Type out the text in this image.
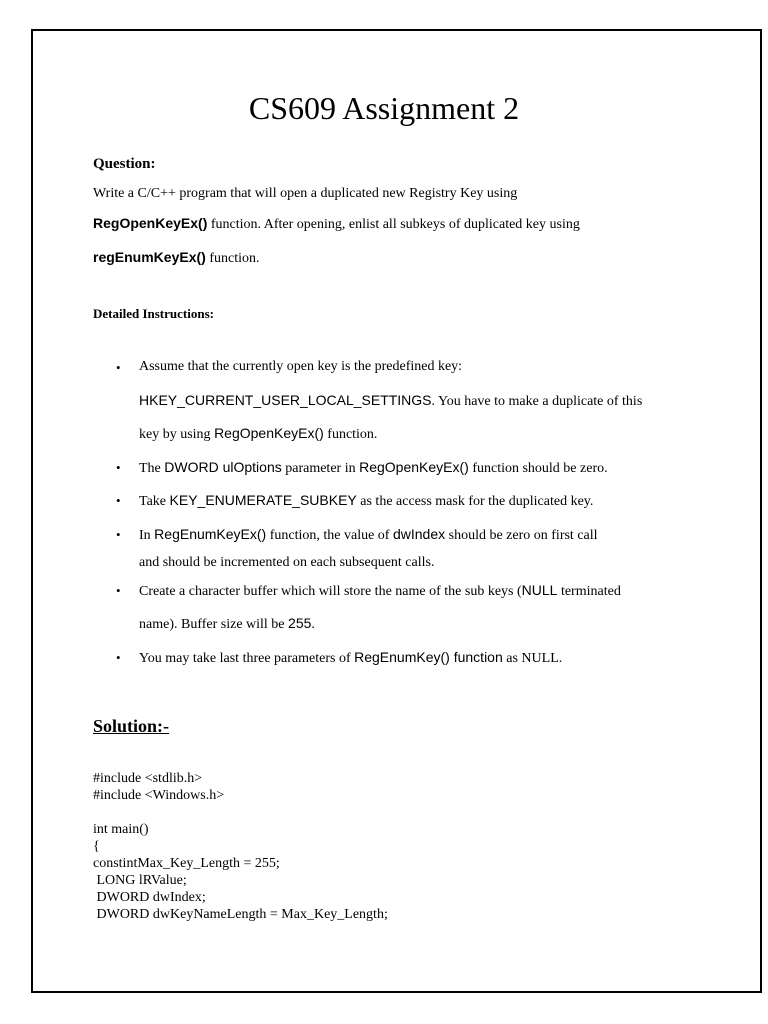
CS609 Assignment 2
Question:
Write a C/C++ program that will open a duplicated new Registry Key using
RegOpenKeyEx() function. After opening, enlist all subkeys of duplicated key using
regEnumKeyEx() function.
Detailed Instructions:
• Assume that the currently open key is the predefined key:
HKEY_CURRENT_USER_LOCAL_SETTINGS. You have to make a duplicate of this
key by using RegOpenKeyEx() function.
• The DWORD ulOptions parameter in RegOpenKeyEx() function should be zero.
• Take KEY_ENUMERATE_SUBKEY as the access mask for the duplicated key.
• In RegEnumKeyEx() function, the value of dwIndex should be zero on first call
and should be incremented on each subsequent calls.
• Create a character buffer which will store the name of the sub keys (NULL terminated
name). Buffer size will be 255.
• You may take last three parameters of RegEnumKey() function as NULL.
Solution:-
#include <stdlib.h>
#include <Windows.h>
int main()
{
constintMax_Key_Length = 255;
LONG lRValue;
DWORD dwIndex;
DWORD dwKeyNameLength = Max_Key_Length;
